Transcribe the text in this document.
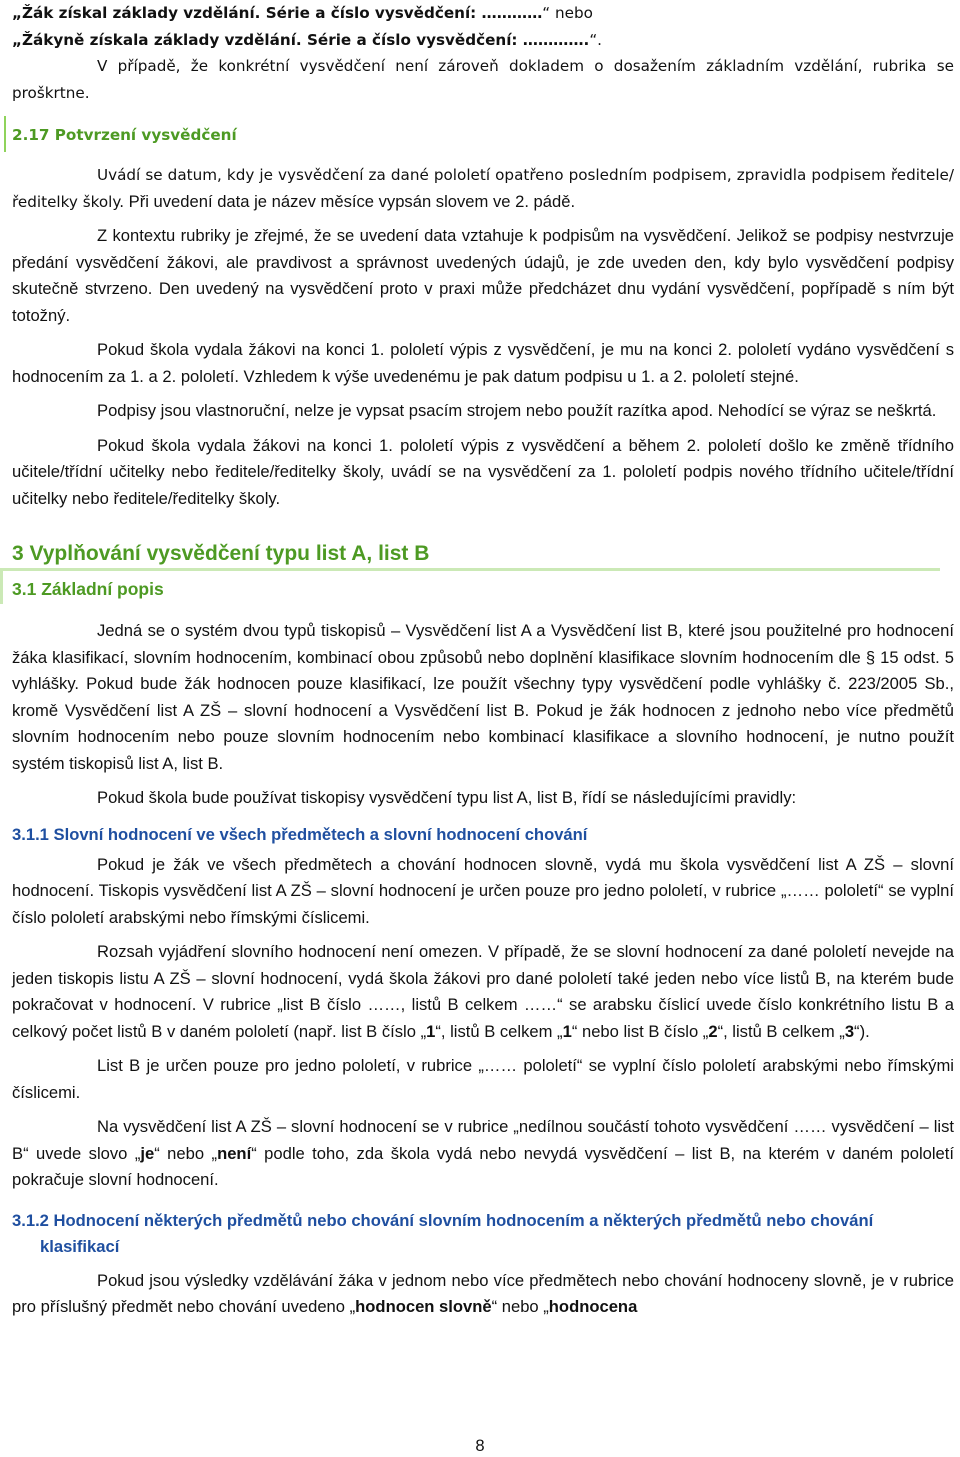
„Žák získal základy vzdělání. Série a číslo vysvědčení: …………“ nebo

„Žákyně získala základy vzdělání. Série a číslo vysvědčení: ………….“.

V případě, že konkrétní vysvědčení není zároveň dokladem o dosažením základním vzdělání, rubrika se proškrtne.

2.17 Potvrzení vysvědčení

Uvádí se datum, kdy je vysvědčení za dané pololetí opatřeno posledním podpisem, zpravidla podpisem ředitele/ředitelky školy. Při uvedení data je název měsíce vypsán slovem ve 2. pádě.

Z kontextu rubriky je zřejmé, že se uvedení data vztahuje k podpisům na vysvědčení. Jelikož se podpisy nestvrzuje předání vysvědčení žákovi, ale pravdivost a správnost uvedených údajů, je zde uveden den, kdy bylo vysvědčení podpisy skutečně stvrzeno. Den uvedený na vysvědčení proto v praxi může předcházet dnu vydání vysvědčení, popřípadě s ním být totožný.

Pokud škola vydala žákovi na konci 1. pololetí výpis z vysvědčení, je mu na konci 2. pololetí vydáno vysvědčení s hodnocením za 1. a 2. pololetí. Vzhledem k výše uvedenému je pak datum podpisu u 1. a 2. pololetí stejné.

Podpisy jsou vlastnoruční, nelze je vypsat psacím strojem nebo použít razítka apod. Nehodící se výraz se neškrtá.

Pokud škola vydala žákovi na konci 1. pololetí výpis z vysvědčení a během 2. pololetí došlo ke změně třídního učitele/třídní učitelky nebo ředitele/ředitelky školy, uvádí se na vysvědčení za 1. pololetí podpis nového třídního učitele/třídní učitelky nebo ředitele/ředitelky školy.

3 Vyplňování vysvědčení typu list A, list B
3.1 Základní popis

Jedná se o systém dvou typů tiskopisů – Vysvědčení list A a Vysvědčení list B, které jsou použitelné pro hodnocení žáka klasifikací, slovním hodnocením, kombinací obou způsobů nebo doplnění klasifikace slovním hodnocením dle § 15 odst. 5 vyhlášky. Pokud bude žák hodnocen pouze klasifikací, lze použít všechny typy vysvědčení podle vyhlášky č. 223/2005 Sb., kromě Vysvědčení list A ZŠ – slovní hodnocení a Vysvědčení list B. Pokud je žák hodnocen z jednoho nebo více předmětů slovním hodnocením nebo pouze slovním hodnocením nebo kombinací klasifikace a slovního hodnocení, je nutno použít systém tiskopisů list A, list B.

Pokud škola bude používat tiskopisy vysvědčení typu list A, list B, řídí se následujícími pravidly:

3.1.1 Slovní hodnocení ve všech předmětech a slovní hodnocení chování

Pokud je žák ve všech předmětech a chování hodnocen slovně, vydá mu škola vysvědčení list A ZŠ – slovní hodnocení. Tiskopis vysvědčení list A ZŠ – slovní hodnocení je určen pouze pro jedno pololetí, v rubrice „…… pololetí“ se vyplní číslo pololetí arabskými nebo římskými číslicemi.

Rozsah vyjádření slovního hodnocení není omezen. V případě, že se slovní hodnocení za dané pololetí nevejde na jeden tiskopis listu A ZŠ – slovní hodnocení, vydá škola žákovi pro dané pololetí také jeden nebo více listů B, na kterém bude pokračovat v hodnocení. V rubrice „list B číslo ……, listů B celkem ……“ se arabsku číslicí uvede číslo konkrétního listu B a celkový počet listů B v daném pololetí (např. list B číslo „1“, listů B celkem „1“ nebo list B číslo „2“, listů B celkem „3“).

List B je určen pouze pro jedno pololetí, v rubrice „…… pololetí“ se vyplní číslo pololetí arabskými nebo římskými číslicemi.

Na vysvědčení list A ZŠ – slovní hodnocení se v rubrice „nedílnou součástí tohoto vysvědčení …… vysvědčení – list B“ uvede slovo „je“ nebo „není“ podle toho, zda škola vydá nebo nevydá vysvědčení – list B, na kterém v daném pololetí pokračuje slovní hodnocení.

3.1.2 Hodnocení některých předmětů nebo chování slovním hodnocením a některých předmětů nebo chování klasifikací

Pokud jsou výsledky vzdělávání žáka v jednom nebo více předmětech nebo chování hodnoceny slovně, je v rubrice pro příslušný předmět nebo chování uvedeno „hodnocen slovně“ nebo „hodnocena

8
